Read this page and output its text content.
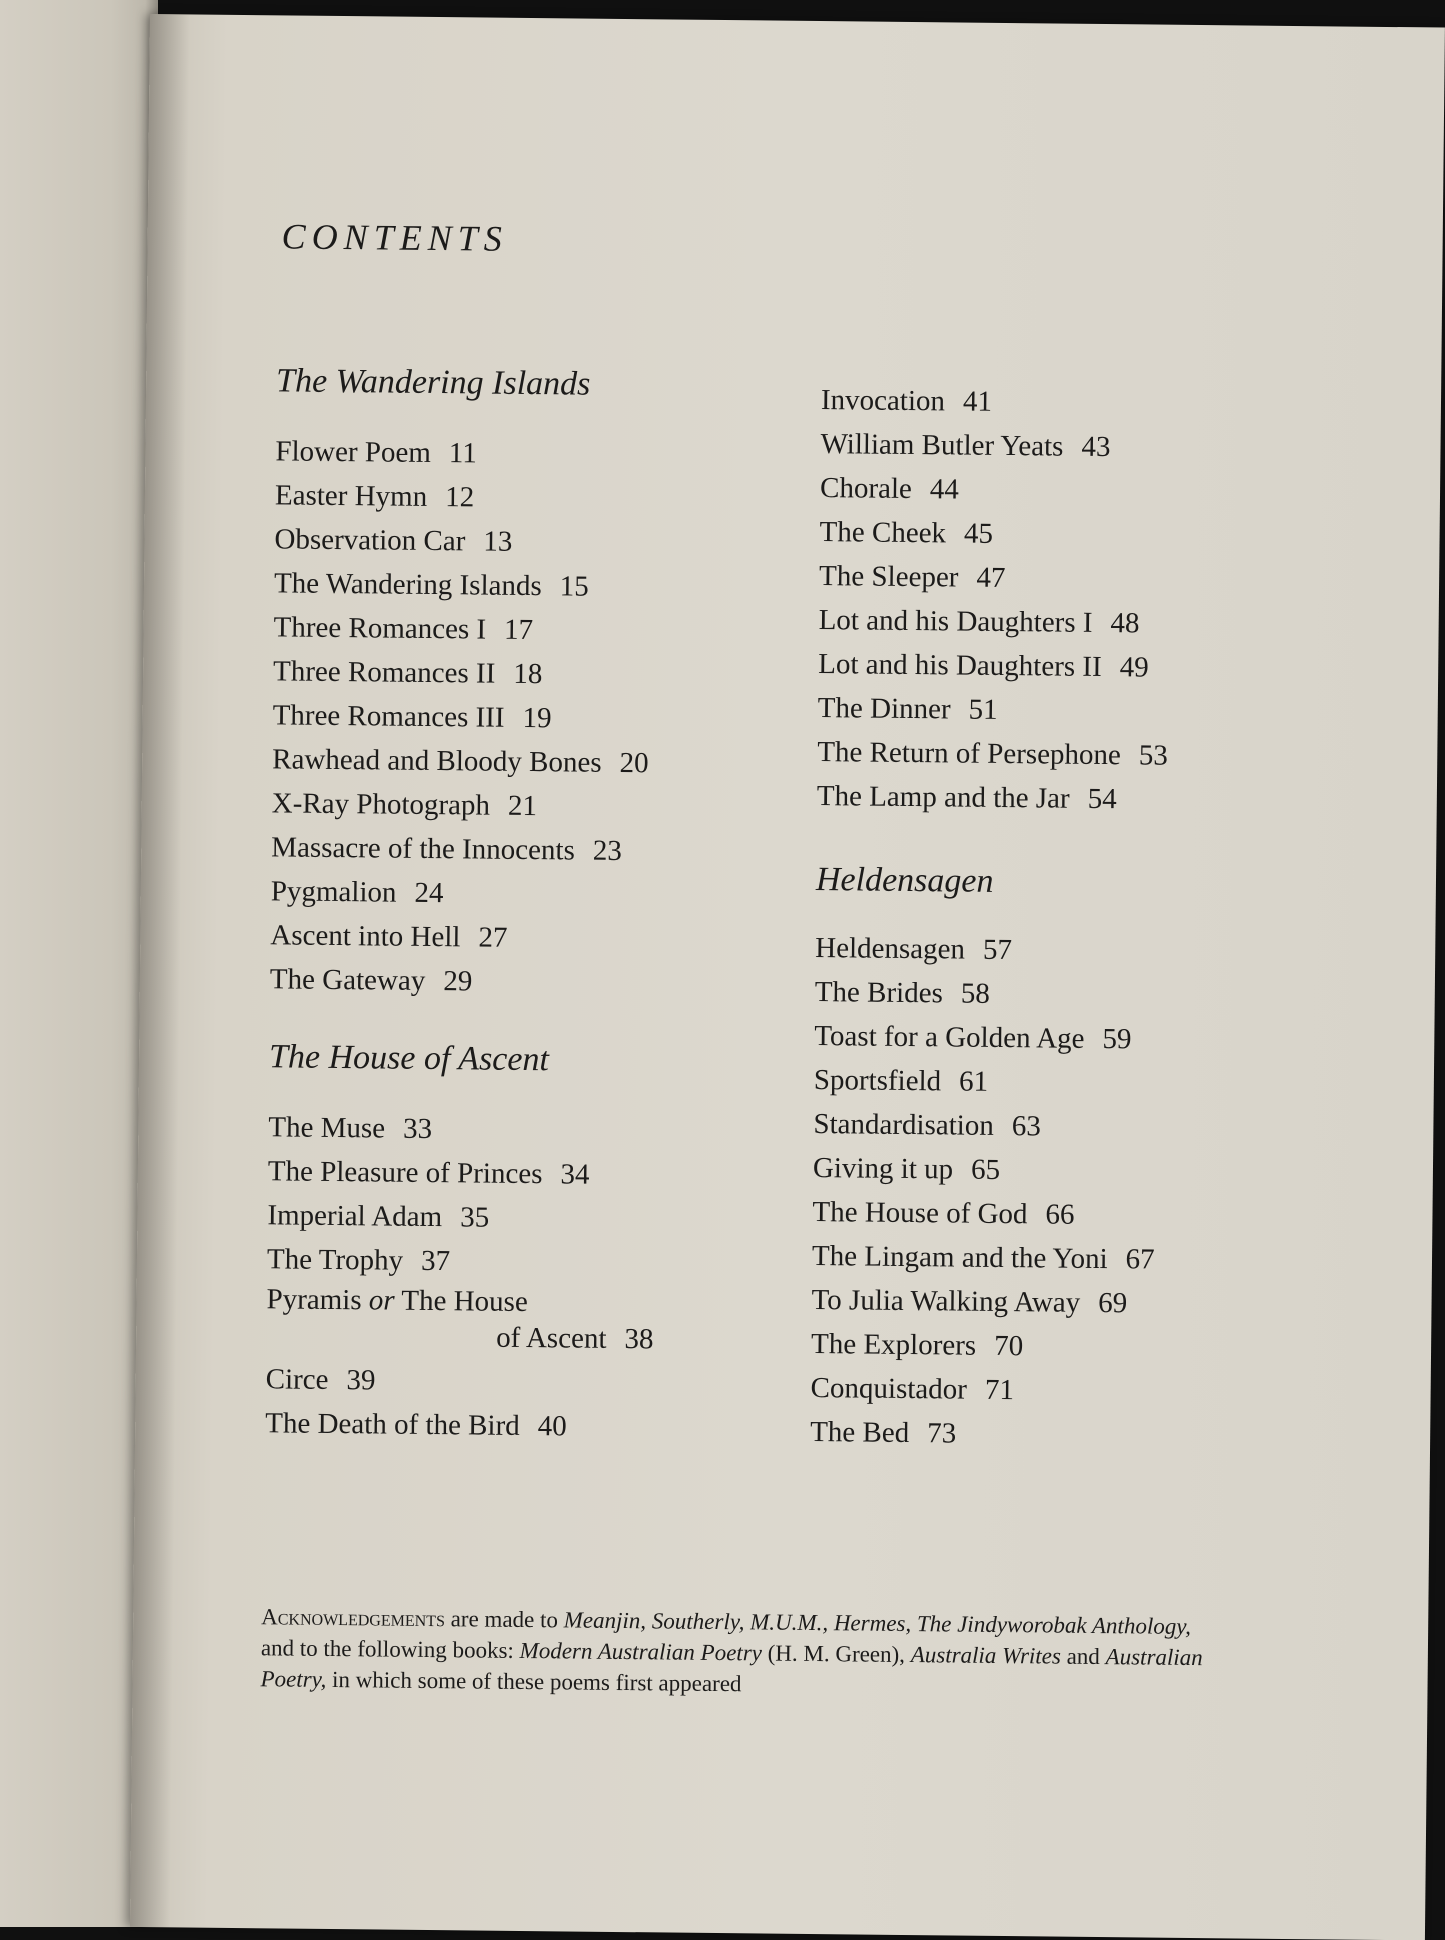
CONTENTS
The Wandering Islands
Flower Poem 11
Easter Hymn 12
Observation Car 13
The Wandering Islands 15
Three Romances I 17
Three Romances II 18
Three Romances III 19
Rawhead and Bloody Bones 20
X-Ray Photograph 21
Massacre of the Innocents 23
Pygmalion 24
Ascent into Hell 27
The Gateway 29
The House of Ascent
The Muse 33
The Pleasure of Princes 34
Imperial Adam 35
The Trophy 37
Pyramis or The House
of Ascent 38
Circe 39
The Death of the Bird 40
Invocation 41
William Butler Yeats 43
Chorale 44
The Cheek 45
The Sleeper 47
Lot and his Daughters I 48
Lot and his Daughters II 49
The Dinner 51
The Return of Persephone 53
The Lamp and the Jar 54
Heldensagen
Heldensagen 57
The Brides 58
Toast for a Golden Age 59
Sportsfield 61
Standardisation 63
Giving it up 65
The House of God 66
The Lingam and the Yoni 67
To Julia Walking Away 69
The Explorers 70
Conquistador 71
The Bed 73

Acknowledgements are made to Meanjin, Southerly, M.U.M., Hermes, The Jindyworobak Anthology, and to the following books: Modern Australian Poetry (H. M. Green), Australia Writes and Australian Poetry, in which some of these poems first appeared
